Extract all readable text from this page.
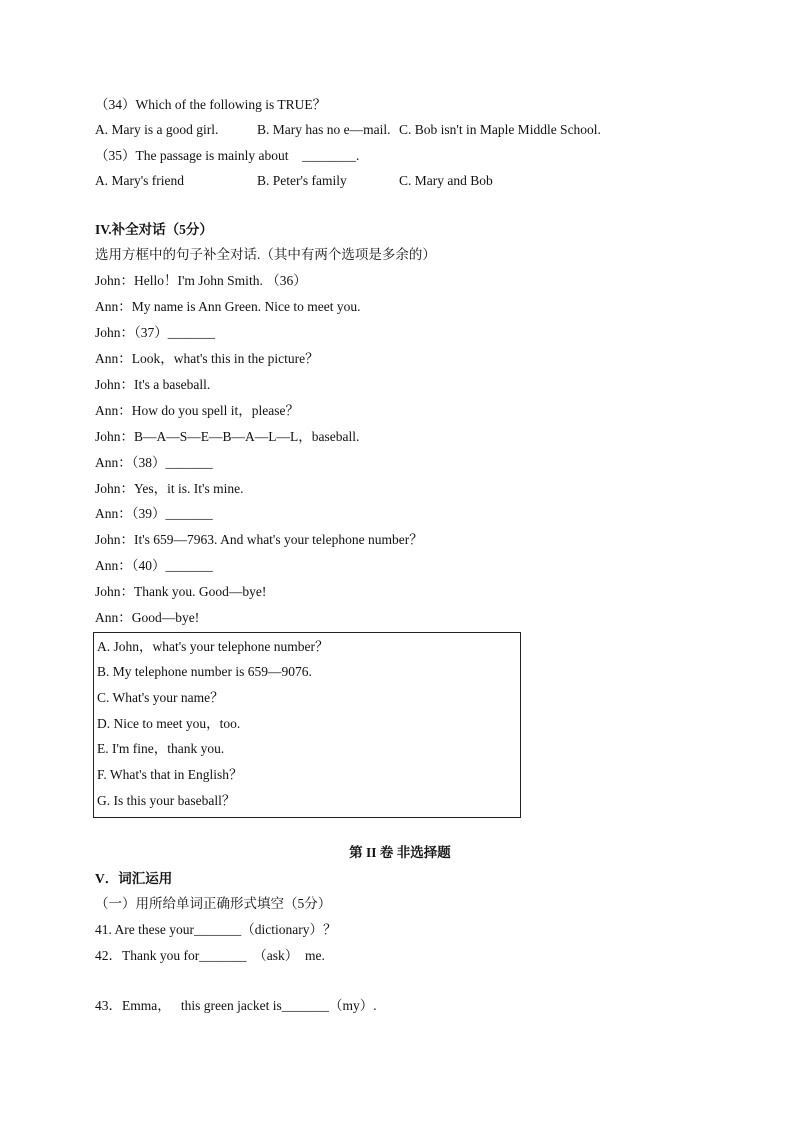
（34）Which of the following is TRUE？
A. Mary is a good girl.	B. Mary has no e—mail. C. Bob isn't in Maple Middle School.
（35）The passage is mainly about    ________.
A. Mary's friend	B. Peter's family	C. Mary and Bob
IV.补全对话（5分）
选用方框中的句子补全对话.（其中有两个选项是多余的）
John：Hello！I'm John Smith. （36）
Ann：My name is Ann Green. Nice to meet you.
John：（37）_______
Ann：Look，what's this in the picture？
John：It's a baseball.
Ann：How do you spell it，please？
John：B—A—S—E—B—A—L—L，baseball.
Ann：（38）_______
John：Yes，it is. It's mine.
Ann：（39）_______
John：It's 659—7963. And what's your telephone number？
Ann：（40）_______
John：Thank you. Good—bye!
Ann：Good—bye!
A. John，what's your telephone number？
B. My telephone number is 659—9076.
C. What's your name？
D. Nice to meet you，too.
E. I'm fine，thank you.
F. What's that in English？
G. Is this your baseball？
第 II 卷 非选择题
V．词汇运用
（一）用所给单词正确形式填空（5分）
41. Are these your_______（dictionary）？
42．Thank you for_______  （ask）  me.
43．Emma，   this green jacket is_______（my）.
